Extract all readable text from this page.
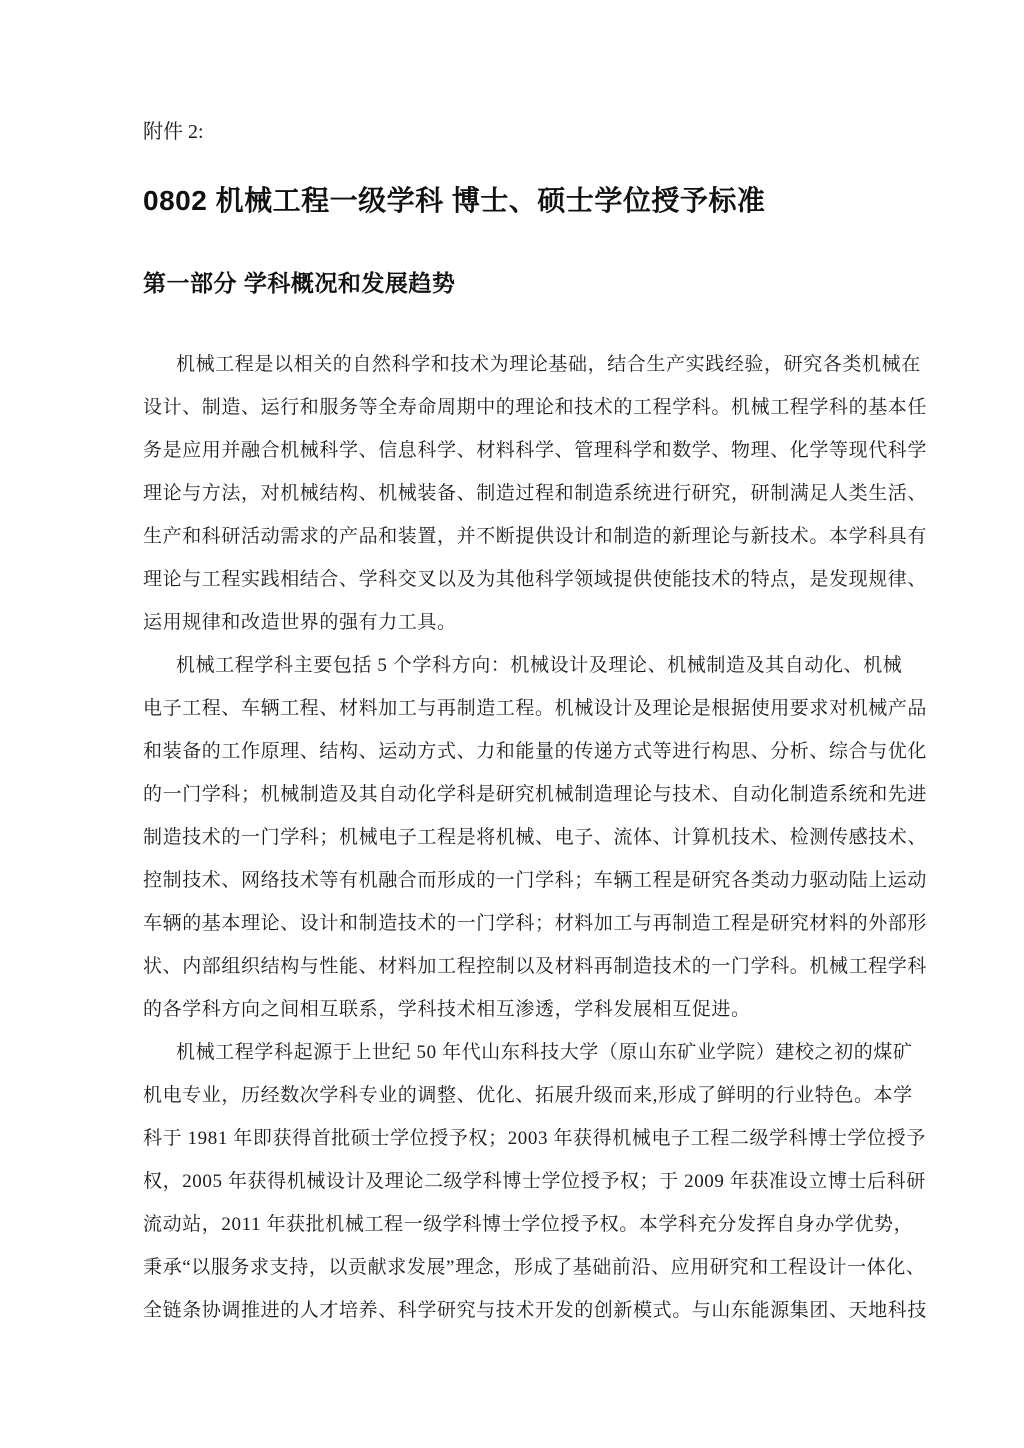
附件 2:
0802 机械工程一级学科 博士、硕士学位授予标准
第一部分 学科概况和发展趋势
机械工程是以相关的自然科学和技术为理论基础，结合生产实践经验，研究各类机械在
设计、制造、运行和服务等全寿命周期中的理论和技术的工程学科。机械工程学科的基本任
务是应用并融合机械科学、信息科学、材料科学、管理科学和数学、物理、化学等现代科学
理论与方法，对机械结构、机械装备、制造过程和制造系统进行研究，研制满足人类生活、
生产和科研活动需求的产品和装置，并不断提供设计和制造的新理论与新技术。本学科具有
理论与工程实践相结合、学科交叉以及为其他科学领域提供使能技术的特点，是发现规律、
运用规律和改造世界的强有力工具。
机械工程学科主要包括 5 个学科方向：机械设计及理论、机械制造及其自动化、机械
电子工程、车辆工程、材料加工与再制造工程。机械设计及理论是根据使用要求对机械产品
和装备的工作原理、结构、运动方式、力和能量的传递方式等进行构思、分析、综合与优化
的一门学科；机械制造及其自动化学科是研究机械制造理论与技术、自动化制造系统和先进
制造技术的一门学科；机械电子工程是将机械、电子、流体、计算机技术、检测传感技术、
控制技术、网络技术等有机融合而形成的一门学科；车辆工程是研究各类动力驱动陆上运动
车辆的基本理论、设计和制造技术的一门学科；材料加工与再制造工程是研究材料的外部形
状、内部组织结构与性能、材料加工程控制以及材料再制造技术的一门学科。机械工程学科
的各学科方向之间相互联系，学科技术相互渗透，学科发展相互促进。
机械工程学科起源于上世纪 50 年代山东科技大学（原山东矿业学院）建校之初的煤矿
机电专业，历经数次学科专业的调整、优化、拓展升级而来,形成了鲜明的行业特色。本学
科于 1981 年即获得首批硕士学位授予权；2003 年获得机械电子工程二级学科博士学位授予
权，2005 年获得机械设计及理论二级学科博士学位授予权；于 2009 年获准设立博士后科研
流动站，2011 年获批机械工程一级学科博士学位授予权。本学科充分发挥自身办学优势，
秉承“以服务求支持，以贡献求发展”理念，形成了基础前沿、应用研究和工程设计一体化、
全链条协调推进的人才培养、科学研究与技术开发的创新模式。与山东能源集团、天地科技
